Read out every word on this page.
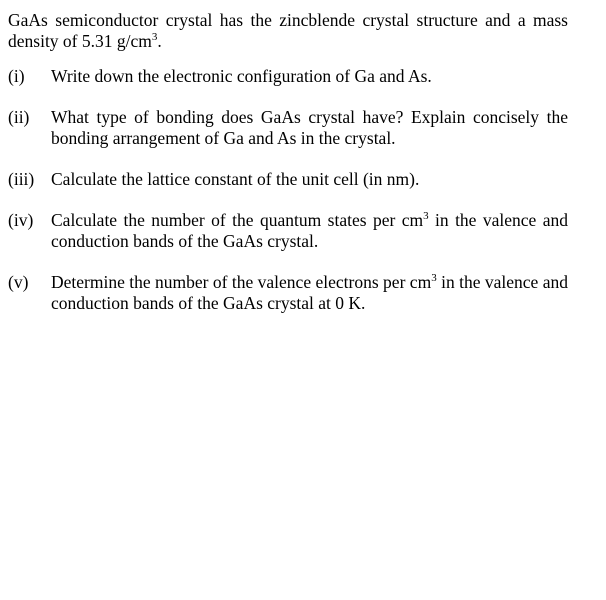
GaAs semiconductor crystal has the zincblende crystal structure and a mass density of 5.31 $g/cm^3$.

(i)	Write down the electronic configuration of Ga and As.
(ii)	What type of bonding does GaAs crystal have? Explain concisely the bonding arrangement of Ga and As in the crystal.
(iii) Calculate the lattice constant of the unit cell (in nm).
(iv)	Calculate the number of the quantum states per $cm^3$ in the valence and conduction bands of the GaAs crystal.
(v)	Determine the number of the valence electrons per $cm^3$ in the valence and conduction bands of the GaAs crystal at 0 K.
